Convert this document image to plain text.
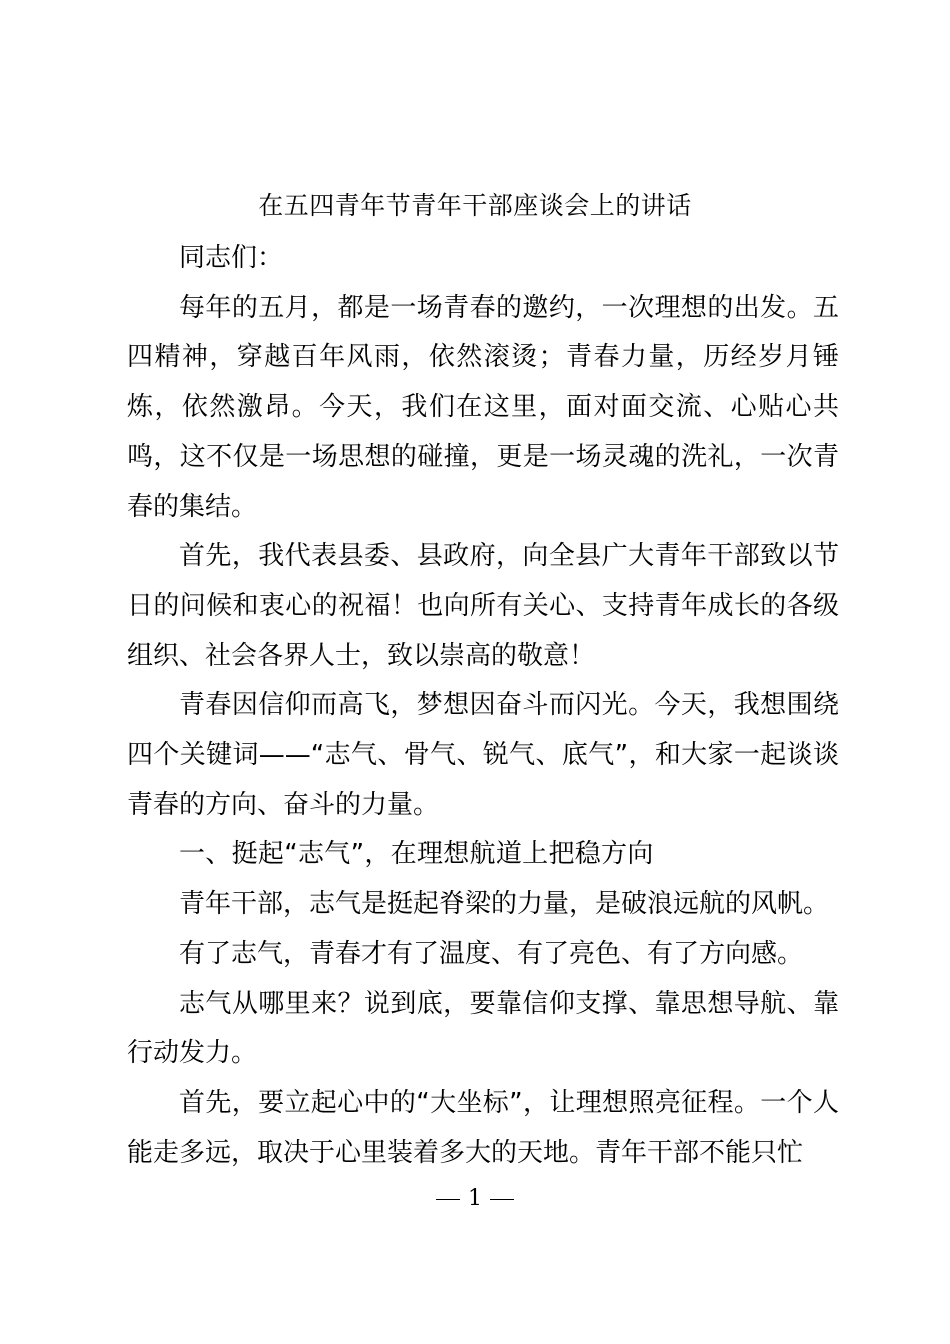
在五四青年节青年干部座谈会上的讲话

同志们：

每年的五月，都是一场青春的邀约，一次理想的出发。五四精神，穿越百年风雨，依然滚烫；青春力量，历经岁月锤炼，依然激昂。今天，我们在这里，面对面交流、心贴心共鸣，这不仅是一场思想的碰撞，更是一场灵魂的洗礼，一次青春的集结。

首先，我代表县委、县政府，向全县广大青年干部致以节日的问候和衷心的祝福！也向所有关心、支持青年成长的各级组织、社会各界人士，致以崇高的敬意！

青春因信仰而高飞，梦想因奋斗而闪光。今天，我想围绕四个关键词——“志气、骨气、锐气、底气”，和大家一起谈谈青春的方向、奋斗的力量。

一、挺起“志气”，在理想航道上把稳方向

青年干部，志气是挺起脊梁的力量，是破浪远航的风帆。

有了志气，青春才有了温度、有了亮色、有了方向感。

志气从哪里来？说到底，要靠信仰支撑、靠思想导航、靠行动发力。

首先，要立起心中的“大坐标”，让理想照亮征程。一个人能走多远，取决于心里装着多大的天地。青年干部不能只忙

1
